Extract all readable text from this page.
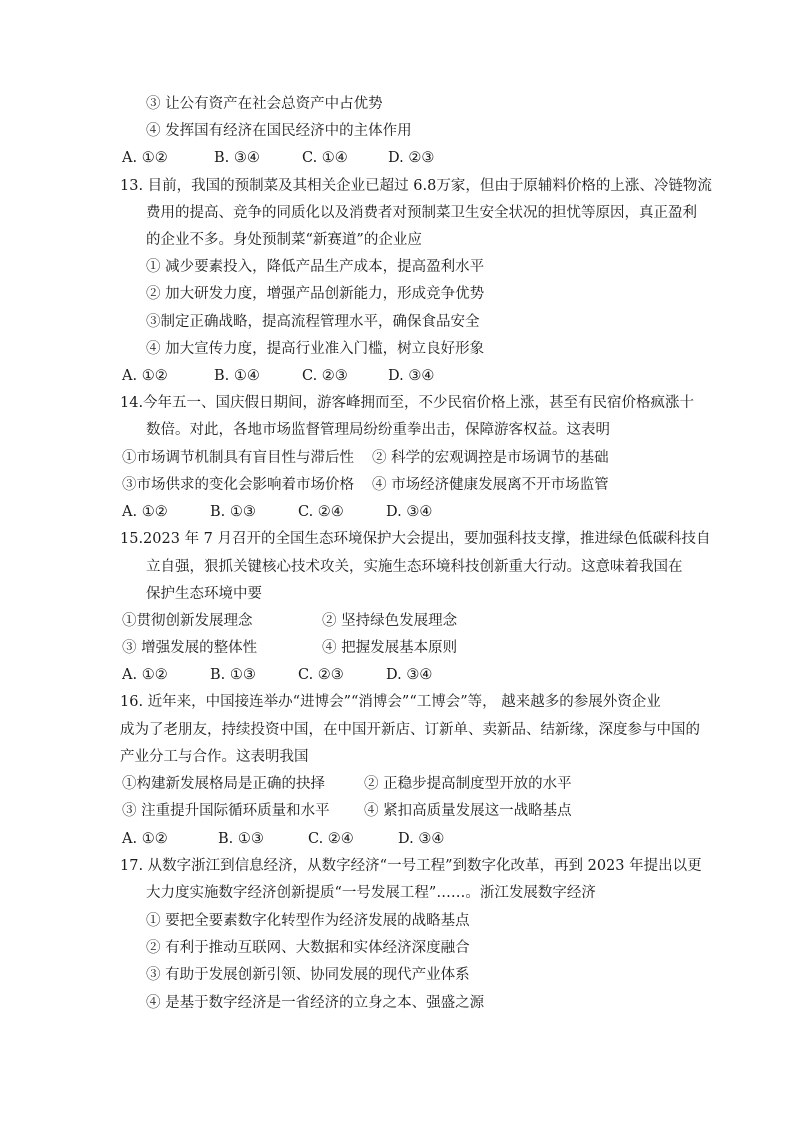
③ 让公有资产在社会总资产中占优势
④ 发挥国有经济在国民经济中的主体作用
A. ①②	B. ③④	C. ①④	D. ②③
13. 目前，我国的预制菜及其相关企业已超过 6.8万家，但由于原辅料价格的上涨、冷链物流
费用的提高、竞争的同质化以及消费者对预制菜卫生安全状况的担忧等原因，真正盈利
的企业不多。身处预制菜“新赛道”的企业应
① 减少要素投入，降低产品生产成本，提高盈利水平
② 加大研发力度，增强产品创新能力，形成竞争优势
③制定正确战略，提高流程管理水平，确保食品安全
④ 加大宣传力度，提高行业准入门槛，树立良好形象
A. ①②	B. ①④	C. ②③	D. ③④
14.今年五一、国庆假日期间，游客峰拥而至，不少民宿价格上涨，甚至有民宿价格疯涨十
数倍。对此，各地市场监督管理局纷纷重拳出击，保障游客权益。这表明
①市场调节机制具有盲目性与滞后性 ② 科学的宏观调控是市场调节的基础
③市场供求的变化会影响着市场价格 ④ 市场经济健康发展离不开市场监管
A. ①②	B. ①③	C. ②④	D. ③④
15.2023 年 7 月召开的全国生态环境保护大会提出，要加强科技支撑，推进绿色低碳科技自
立自强，狠抓关键核心技术攻关，实施生态环境科技创新重大行动。这意味着我国在
保护生态环境中要
①贯彻创新发展理念	② 坚持绿色发展理念
③ 增强发展的整体性	④ 把握发展基本原则
A. ①②	B. ①③	C. ②③	D. ③④
16. 近年来，中国接连举办“进博会”“消博会”“工博会”等， 越来越多的参展外资企业
成为了老朋友，持续投资中国，在中国开新店、订新单、卖新品、结新缘，深度参与中国的
产业分工与合作。这表明我国
①构建新发展格局是正确的抉择	② 正稳步提高制度型开放的水平
③ 注重提升国际循环质量和水平 ④ 紧扣高质量发展这一战略基点
A. ①②	B. ①③	C. ②④	D. ③④
17. 从数字浙江到信息经济，从数字经济“一号工程”到数字化改革，再到 2023 年提出以更
大力度实施数字经济创新提质“一号发展工程”……。浙江发展数字经济
① 要把全要素数字化转型作为经济发展的战略基点
② 有利于推动互联网、大数据和实体经济深度融合
③ 有助于发展创新引领、协同发展的现代产业体系
④ 是基于数字经济是一省经济的立身之本、强盛之源
